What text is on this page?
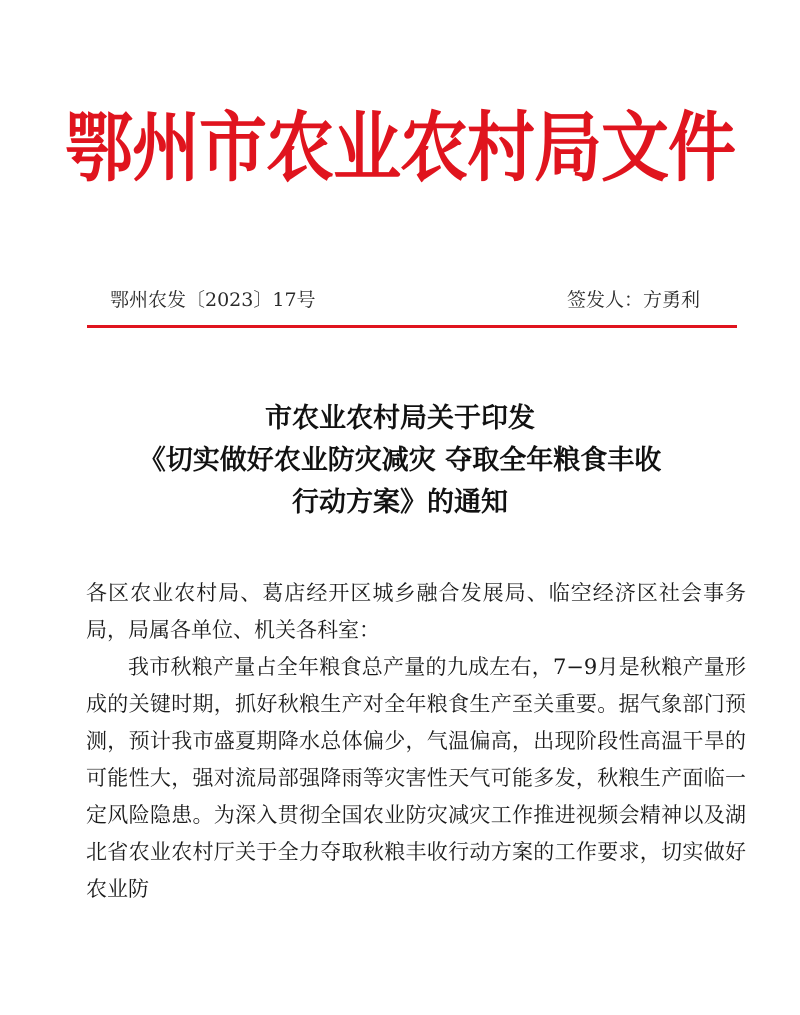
鄂州市农业农村局文件
鄂州农发〔2023〕17号	签发人：方勇利
市农业农村局关于印发
《切实做好农业防灾减灾 夺取全年粮食丰收
行动方案》的通知

各区农业农村局、葛店经开区城乡融合发展局、临空经济区社会事务局，局属各单位、机关各科室：

我市秋粮产量占全年粮食总产量的九成左右，7−9月是秋粮产量形成的关键时期，抓好秋粮生产对全年粮食生产至关重要。据气象部门预测，预计我市盛夏期降水总体偏少，气温偏高，出现阶段性高温干旱的可能性大，强对流局部强降雨等灾害性天气可能多发，秋粮生产面临一定风险隐患。为深入贯彻全国农业防灾减灾工作推进视频会精神以及湖北省农业农村厅关于全力夺取秋粮丰收行动方案的工作要求，切实做好农业防
